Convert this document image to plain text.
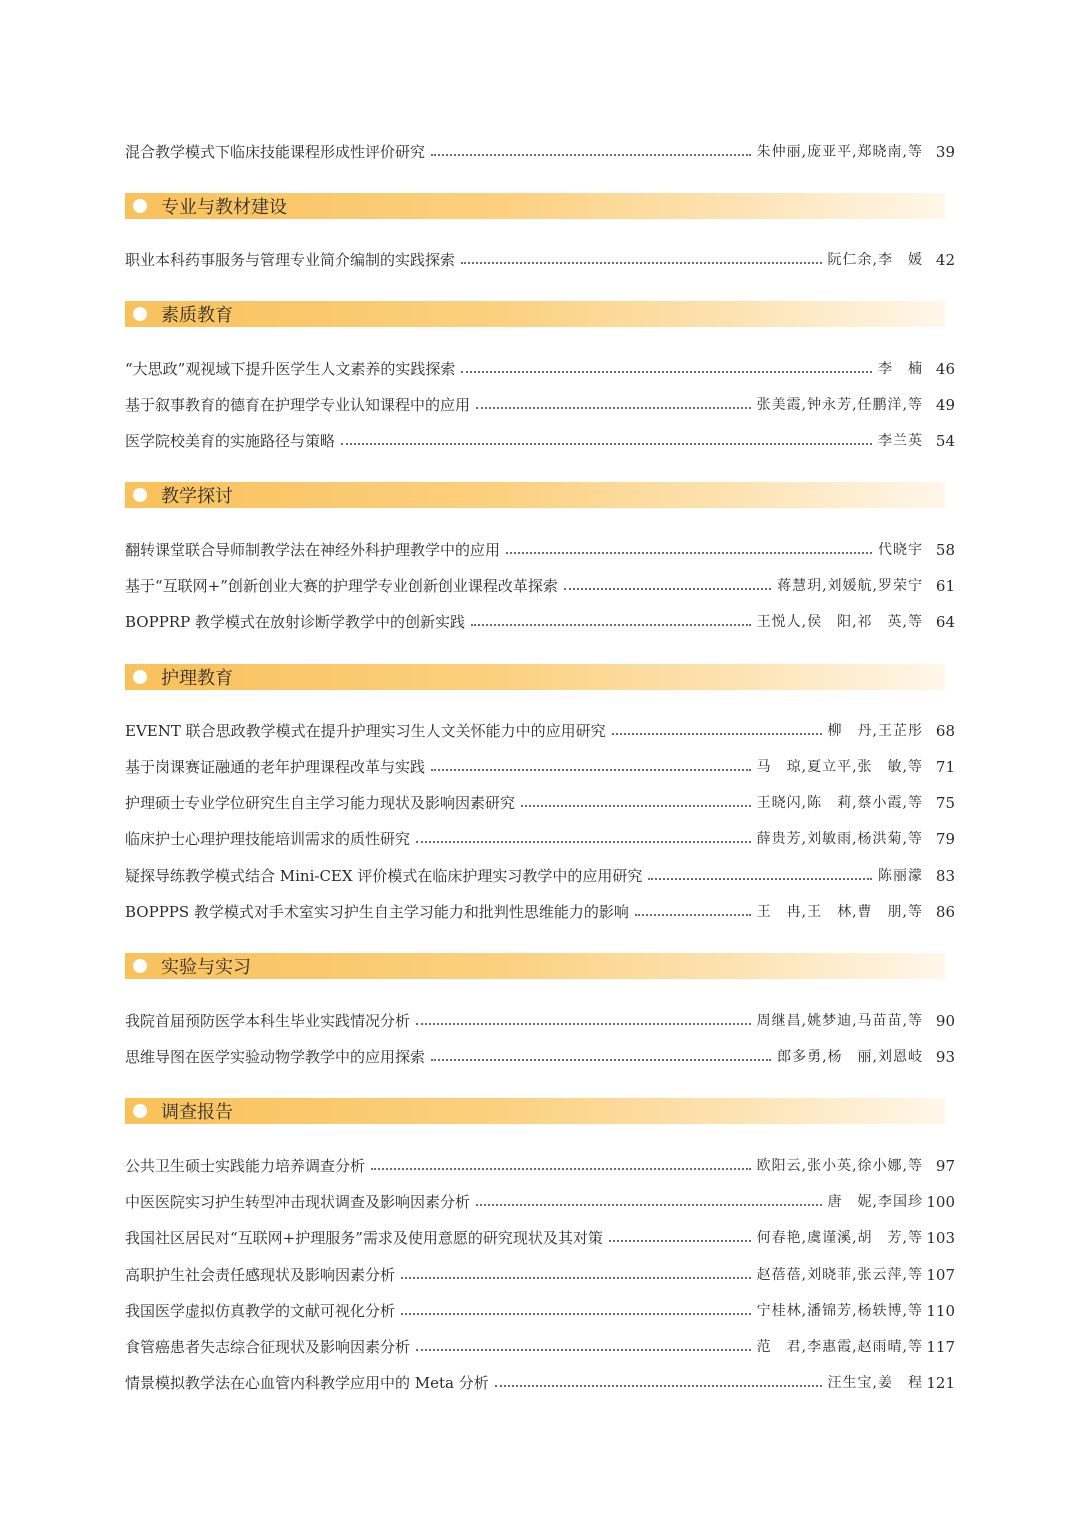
混合教学模式下临床技能课程形成性评价研究	朱仲丽,庞亚平,郑晓南,等 39
专业与教材建设
职业本科药事服务与管理专业简介编制的实践探索	阮仁余,李　媛 42
素质教育
“大思政”观视域下提升医学生人文素养的实践探索	李　楠 46
基于叙事教育的德育在护理学专业认知课程中的应用	张美霞,钟永芳,任鹏洋,等 49
医学院校美育的实施路径与策略	李兰英 54
教学探讨
翻转课堂联合导师制教学法在神经外科护理教学中的应用	代晓宇 58
基于“互联网+”创新创业大赛的护理学专业创新创业课程改革探索	蒋慧玥,刘媛航,罗荣宁 61
BOPPRP 教学模式在放射诊断学教学中的创新实践	王悦人,侯　阳,祁　英,等 64
护理教育
EVENT 联合思政教学模式在提升护理实习生人文关怀能力中的应用研究	柳　丹,王芷彤 68
基于岗课赛证融通的老年护理课程改革与实践	马　琼,夏立平,张　敏,等 71
护理硕士专业学位研究生自主学习能力现状及影响因素研究	王晓闪,陈　莉,蔡小霞,等 75
临床护士心理护理技能培训需求的质性研究	薛贵芳,刘敏雨,杨洪菊,等 79
疑探导练教学模式结合 Mini-CEX 评价模式在临床护理实习教学中的应用研究	陈丽濛 83
BOPPPS 教学模式对手术室实习护生自主学习能力和批判性思维能力的影响	王　冉,王　林,曹　朋,等 86
实验与实习
我院首届预防医学本科生毕业实践情况分析	周继昌,姚梦迪,马苗苗,等 90
思维导图在医学实验动物学教学中的应用探索	郎多勇,杨　丽,刘恩岐 93
调查报告
公共卫生硕士实践能力培养调查分析	欧阳云,张小英,徐小娜,等 97
中医医院实习护生转型冲击现状调查及影响因素分析	唐　妮,李国珍 100
我国社区居民对“互联网+护理服务”需求及使用意愿的研究现状及其对策	何春艳,虞谨溪,胡　芳,等 103
高职护生社会责任感现状及影响因素分析	赵蓓蓓,刘晓菲,张云萍,等 107
我国医学虚拟仿真教学的文献可视化分析	宁桂林,潘锦芳,杨轶博,等 110
食管癌患者失志综合征现状及影响因素分析	范　君,李惠霞,赵雨晴,等 117
情景模拟教学法在心血管内科教学应用中的 Meta 分析	汪生宝,姜　程 121
